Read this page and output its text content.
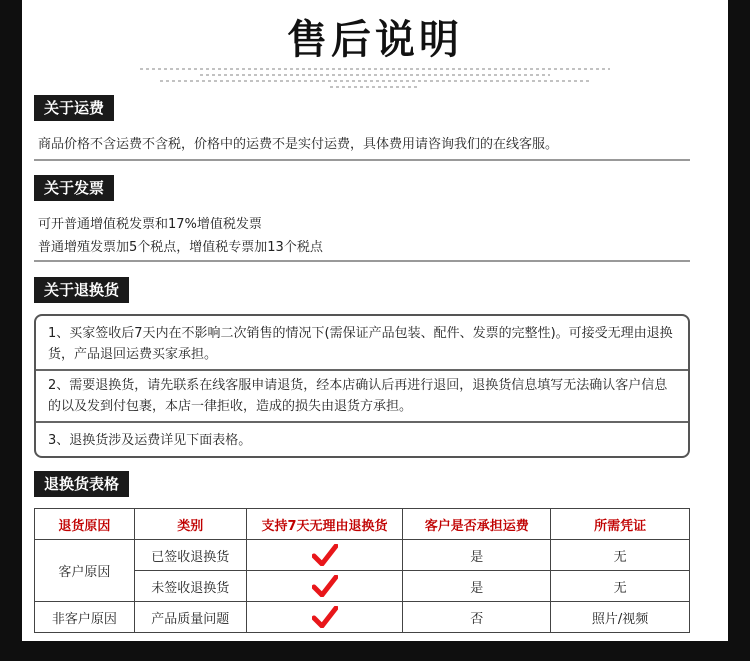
售后说明
关于运费
商品价格不含运费不含税，价格中的运费不是实付运费，具体费用请咨询我们的在线客服。
关于发票
可开普通增值税发票和17%增值税发票
普通增殖发票加5个税点，增值税专票加13个税点
关于退换货
1、买家签收后7天内在不影响二次销售的情况下(需保证产品包装、配件、发票的完整性)。可接受无理由退换货，产品退回运费买家承担。
2、需要退换货，请先联系在线客服申请退货，经本店确认后再进行退回，退换货信息填写无法确认客户信息的以及发到付包裹，本店一律拒收，造成的损失由退货方承担。
3、退换货涉及运费详见下面表格。
退换货表格
退货原因	类别	支持7天无理由退换货	客户是否承担运费	所需凭证
客户原因	已签收退换货		是	无
	未签收退换货		是	无
非客户原因	产品质量问题		否	照片/视频
